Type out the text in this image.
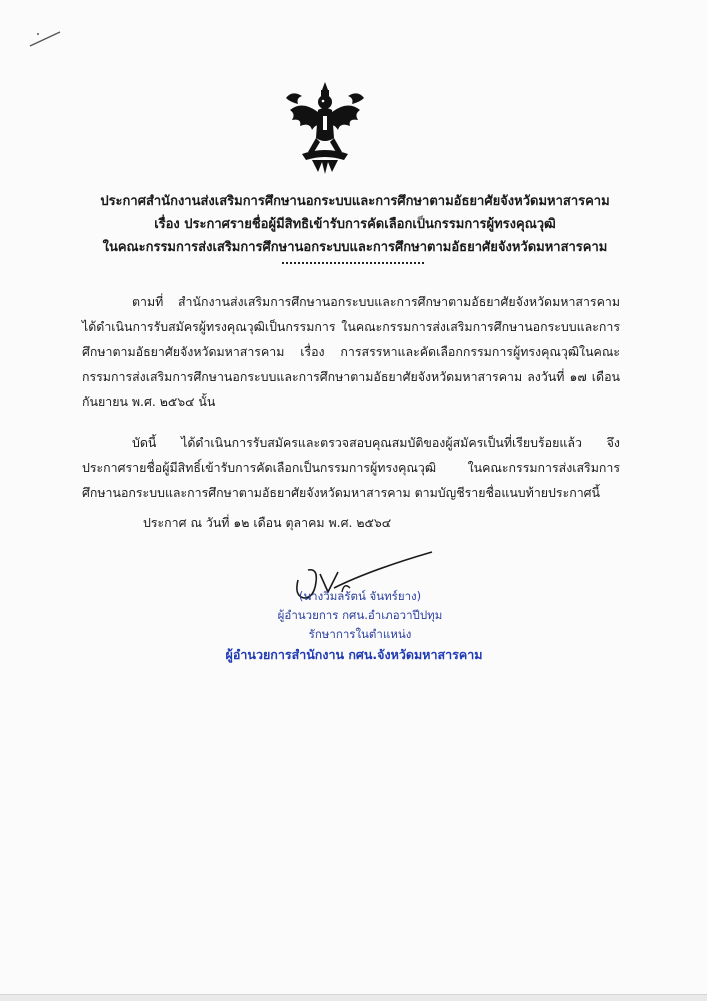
ประกาศสำนักงานส่งเสริมการศึกษานอกระบบและการศึกษาตามอัธยาศัยจังหวัดมหาสารคาม
เรื่อง ประกาศรายชื่อผู้มีสิทธิเข้ารับการคัดเลือกเป็นกรรมการผู้ทรงคุณวุฒิ
ในคณะกรรมการส่งเสริมการศึกษานอกระบบและการศึกษาตามอัธยาศัยจังหวัดมหาสารคาม
ตามที่ สำนักงานส่งเสริมการศึกษานอกระบบและการศึกษาตามอัธยาศัยจังหวัดมหาสารคาม ได้ดำเนินการรับสมัครผู้ทรงคุณวุฒิเป็นกรรมการ ในคณะกรรมการส่งเสริมการศึกษานอกระบบและการศึกษาตามอัธยาศัยจังหวัดมหาสารคาม เรื่อง การสรรหาและคัดเลือกกรรมการผู้ทรงคุณวุฒิในคณะกรรมการส่งเสริมการศึกษานอกระบบและการศึกษาตามอัธยาศัยจังหวัดมหาสารคาม ลงวันที่ ๑๗ เดือนกันยายน พ.ศ. ๒๕๖๔ นั้น
บัดนี้ ได้ดำเนินการรับสมัครและตรวจสอบคุณสมบัติของผู้สมัครเป็นที่เรียบร้อยแล้ว จึงประกาศรายชื่อผู้มีสิทธิ์เข้ารับการคัดเลือกเป็นกรรมการผู้ทรงคุณวุฒิ ในคณะกรรมการส่งเสริมการศึกษานอกระบบและการศึกษาตามอัธยาศัยจังหวัดมหาสารคาม ตามบัญชีรายชื่อแนบท้ายประกาศนี้
ประกาศ ณ วันที่ ๑๒ เดือน ตุลาคม พ.ศ. ๒๕๖๔
(นางวิมลรัตน์ จันทร์ยาง)
ผู้อำนวยการ กศน.อำเภอวาปีปทุม
รักษาการในตำแหน่ง
ผู้อำนวยการสำนักงาน กศน.จังหวัดมหาสารคาม
